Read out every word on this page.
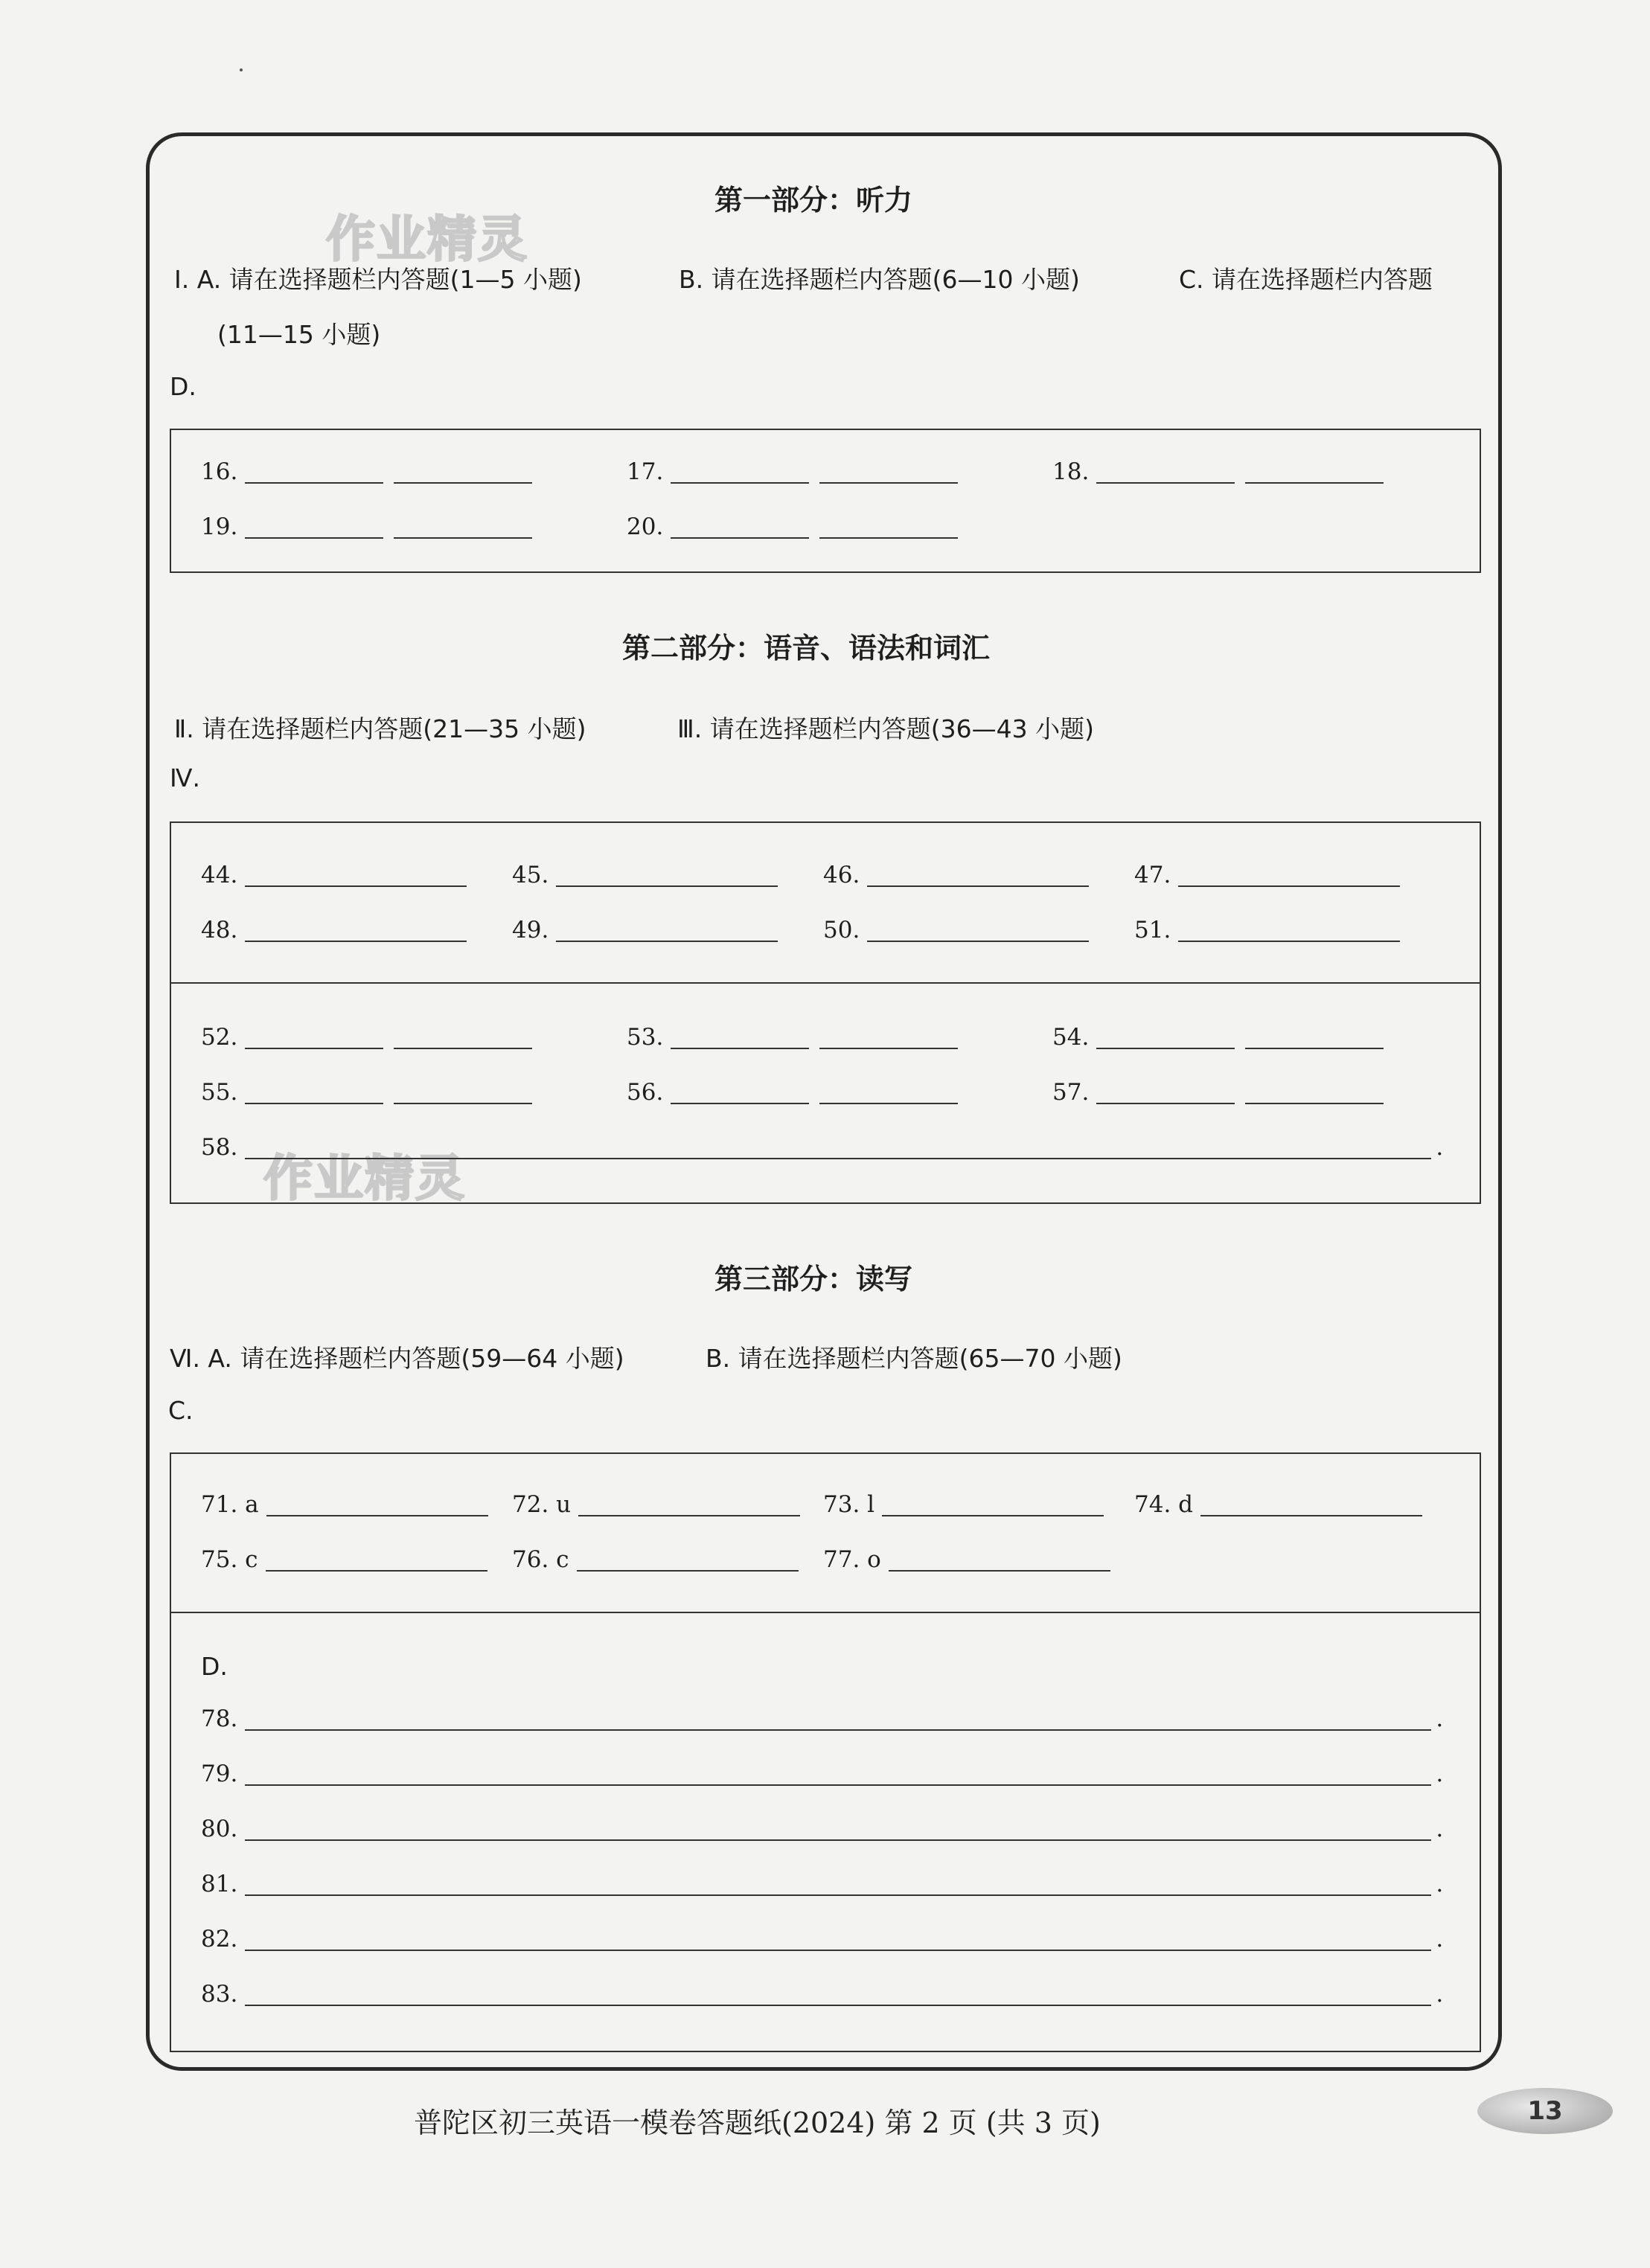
作业精灵
作业精灵
第一部分：听力
Ⅰ. A. 请在选择题栏内答题(1—5 小题)	B. 请在选择题栏内答题(6—10 小题)	C. 请在选择题栏内答题
(11—15 小题)
D.
16.	17.	18.
19.	20.
第二部分：语音、语法和词汇
Ⅱ. 请在选择题栏内答题(21—35 小题)	Ⅲ. 请在选择题栏内答题(36—43 小题)
Ⅳ.
44.	45.	46.	47.
48.	49.	50.	51.
52.	53.	54.
55.	56.	57.
58.	.
第三部分：读写
Ⅵ. A. 请在选择题栏内答题(59—64 小题)	B. 请在选择题栏内答题(65—70 小题)
C.
71. a	72. u	73. l	74. d
75. c	76. c	77. o
D.
78.	.
79.	.
80.	.
81.	.
82.	.
83.	.
普陀区初三英语一模卷答题纸(2024) 第 2 页 (共 3 页)	13
